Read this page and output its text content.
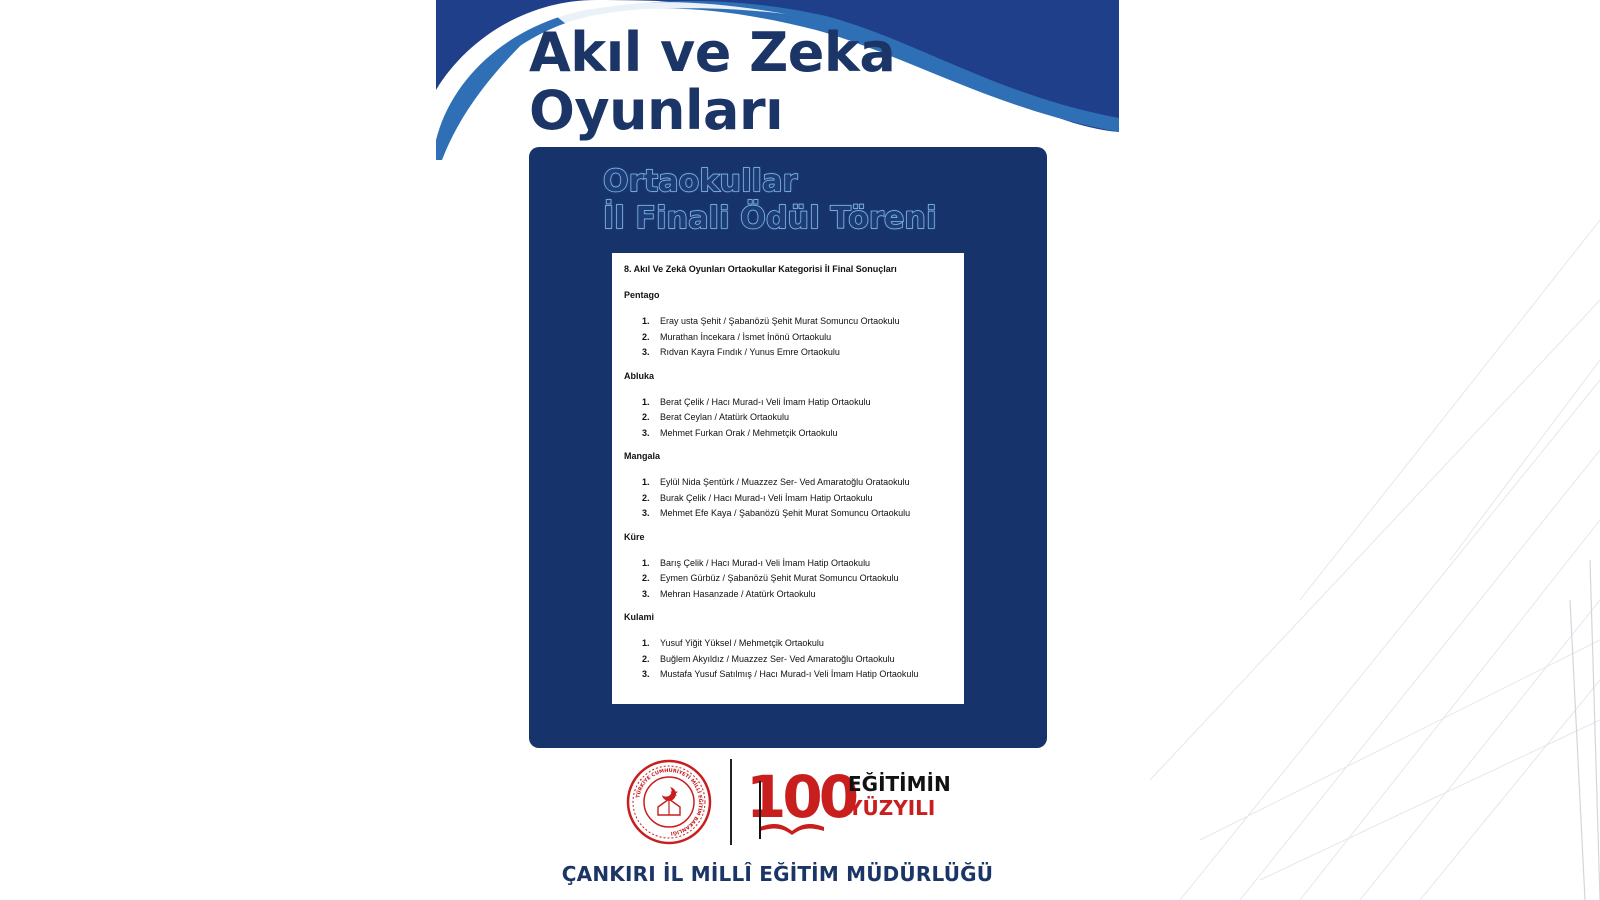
Akıl ve Zeka
Oyunları
Ortaokullar
İl Finali Ödül Töreni
8. Akıl Ve Zekâ Oyunları Ortaokullar Kategorisi İl Final Sonuçları
Pentago
1. Eray usta Şehit / Şabanözü Şehit Murat Somuncu Ortaokulu
2. Murathan İncekara / İsmet İnönü Ortaokulu
3. Rıdvan Kayra Fındık / Yunus Emre Ortaokulu
Abluka
1. Berat Çelik / Hacı Murad-ı Veli İmam Hatip Ortaokulu
2. Berat Ceylan / Atatürk Ortaokulu
3. Mehmet Furkan Orak / Mehmetçik Ortaokulu
Mangala
1. Eylül Nida Şentürk / Muazzez Ser- Ved Amaratoğlu Orataokulu
2. Burak Çelik / Hacı Murad-ı Veli İmam Hatip Ortaokulu
3. Mehmet Efe Kaya / Şabanözü Şehit Murat Somuncu Ortaokulu
Küre
1. Barış Çelik / Hacı Murad-ı Veli İmam Hatip Ortaokulu
2. Eymen Gürbüz / Şabanözü Şehit Murat Somuncu Ortaokulu
3. Mehran Hasanzade / Atatürk Ortaokulu
Kulami
1. Yusuf Yiğit Yüksel / Mehmetçik Ortaokulu
2. Buğlem Akyıldız / Muazzez Ser- Ved Amaratoğlu Ortaokulu
3. Mustafa Yusuf Satılmış / Hacı Murad-ı Veli İmam Hatip Ortaokulu
TÜRKİYE CUMHURİYETİ MİLLÎ EĞİTİM BAKANLIĞI
100
EĞİTİMİN
YÜZYILI
ÇANKIRI İL MİLLÎ EĞİTİM MÜDÜRLÜĞÜ
